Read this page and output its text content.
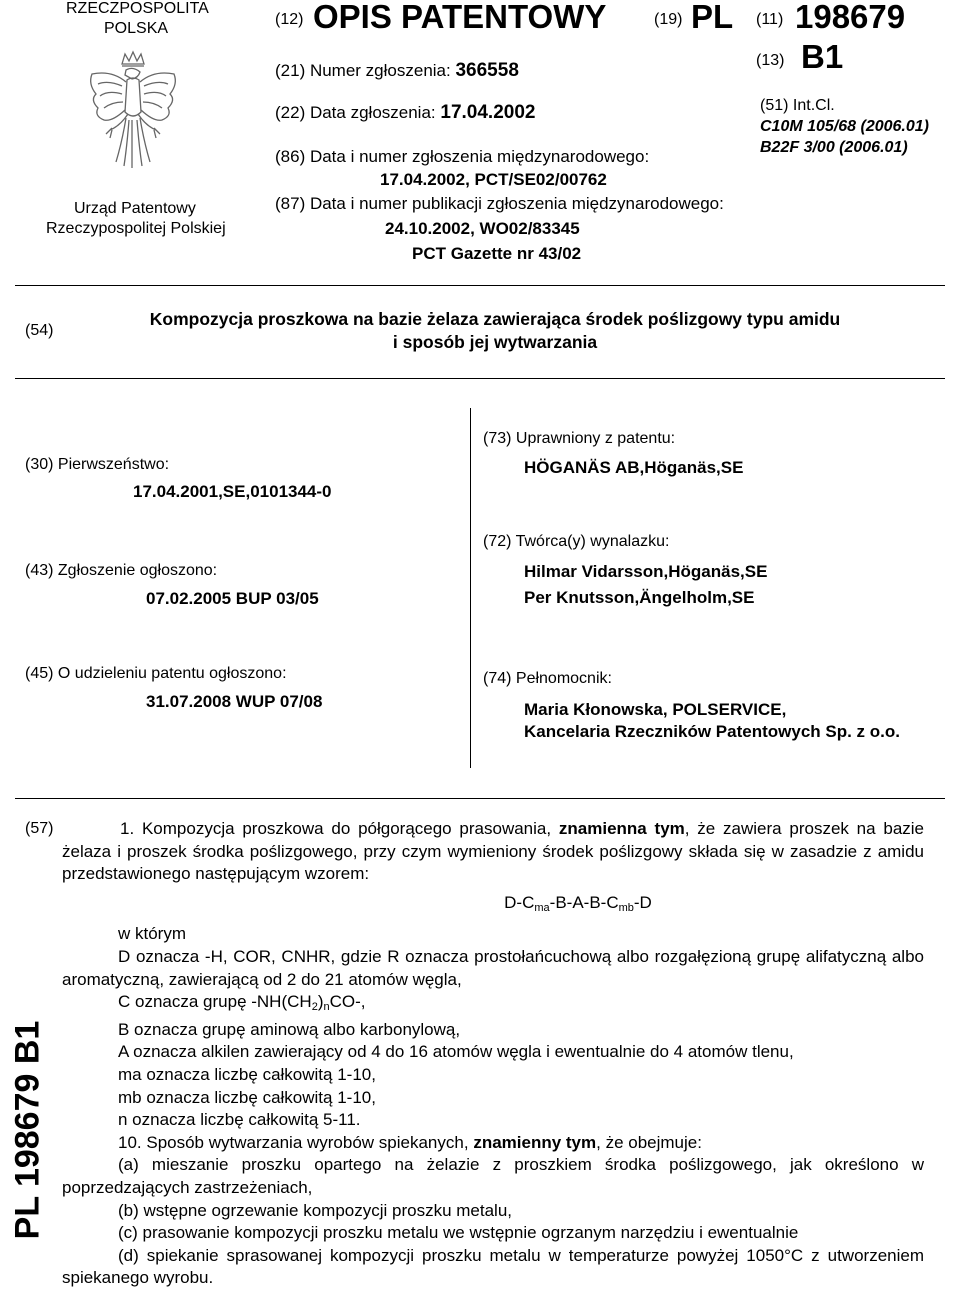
RZECZPOSPOLITA
POLSKA
Urząd Patentowy
Rzeczypospolitej Polskiej
(12) OPIS PATENTOWY	(19) PL (11) 198679
(13) B1
(21) Numer zgłoszenia: 366558
(22) Data zgłoszenia: 17.04.2002
(86) Data i numer zgłoszenia międzynarodowego:
17.04.2002, PCT/SE02/00762
(87) Data i numer publikacji zgłoszenia międzynarodowego:
24.10.2002, WO02/83345
PCT Gazette nr 43/02
(51) Int.Cl.
C10M 105/68 (2006.01)
B22F 3/00 (2006.01)
(54)
Kompozycja proszkowa na bazie żelaza zawierająca środek poślizgowy typu amidu
i sposób jej wytwarzania
(30) Pierwszeństwo:
17.04.2001,SE,0101344-0
(43) Zgłoszenie ogłoszono:
07.02.2005 BUP 03/05
(45) O udzieleniu patentu ogłoszono:
31.07.2008 WUP 07/08
(73) Uprawniony z patentu:
HÖGANÄS AB,Höganäs,SE
(72) Twórca(y) wynalazku:
Hilmar Vidarsson,Höganäs,SE
Per Knutsson,Ängelholm,SE
(74) Pełnomocnik:
Maria Kłonowska, POLSERVICE,
Kancelaria Rzeczników Patentowych Sp. z o.o.
PL 198679 B1
(57)	1. Kompozycja proszkowa do półgorącego prasowania, znamienna tym, że zawiera proszek na bazie żelaza i proszek środka poślizgowego, przy czym wymieniony środek poślizgowy składa się w zasadzie z amidu przedstawionego następującym wzorem:

$D-C_{ma}-B-A-B-C_{mb}-D$

w którym

D oznacza -H, COR, CNHR, gdzie R oznacza prostołańcuchową albo rozgałęzioną grupę alifatyczną albo aromatyczną, zawierającą od 2 do 21 atomów węgla,

C oznacza grupę $-NH(CH_2)_nCO-$,

B oznacza grupę aminową albo karbonylową,

A oznacza alkilen zawierający od 4 do 16 atomów węgla i ewentualnie do 4 atomów tlenu,

ma oznacza liczbę całkowitą 1-10,

mb oznacza liczbę całkowitą 1-10,

n oznacza liczbę całkowitą 5-11.

10. Sposób wytwarzania wyrobów spiekanych, znamienny tym, że obejmuje:

(a) mieszanie proszku opartego na żelazie z proszkiem środka poślizgowego, jak określono w poprzedzających zastrzeżeniach,

(b) wstępne ogrzewanie kompozycji proszku metalu,

(c) prasowanie kompozycji proszku metalu we wstępnie ogrzanym narzędziu i ewentualnie

(d) spiekanie sprasowanej kompozycji proszku metalu w temperaturze powyżej 1050°C z utworzeniem spiekanego wyrobu.
